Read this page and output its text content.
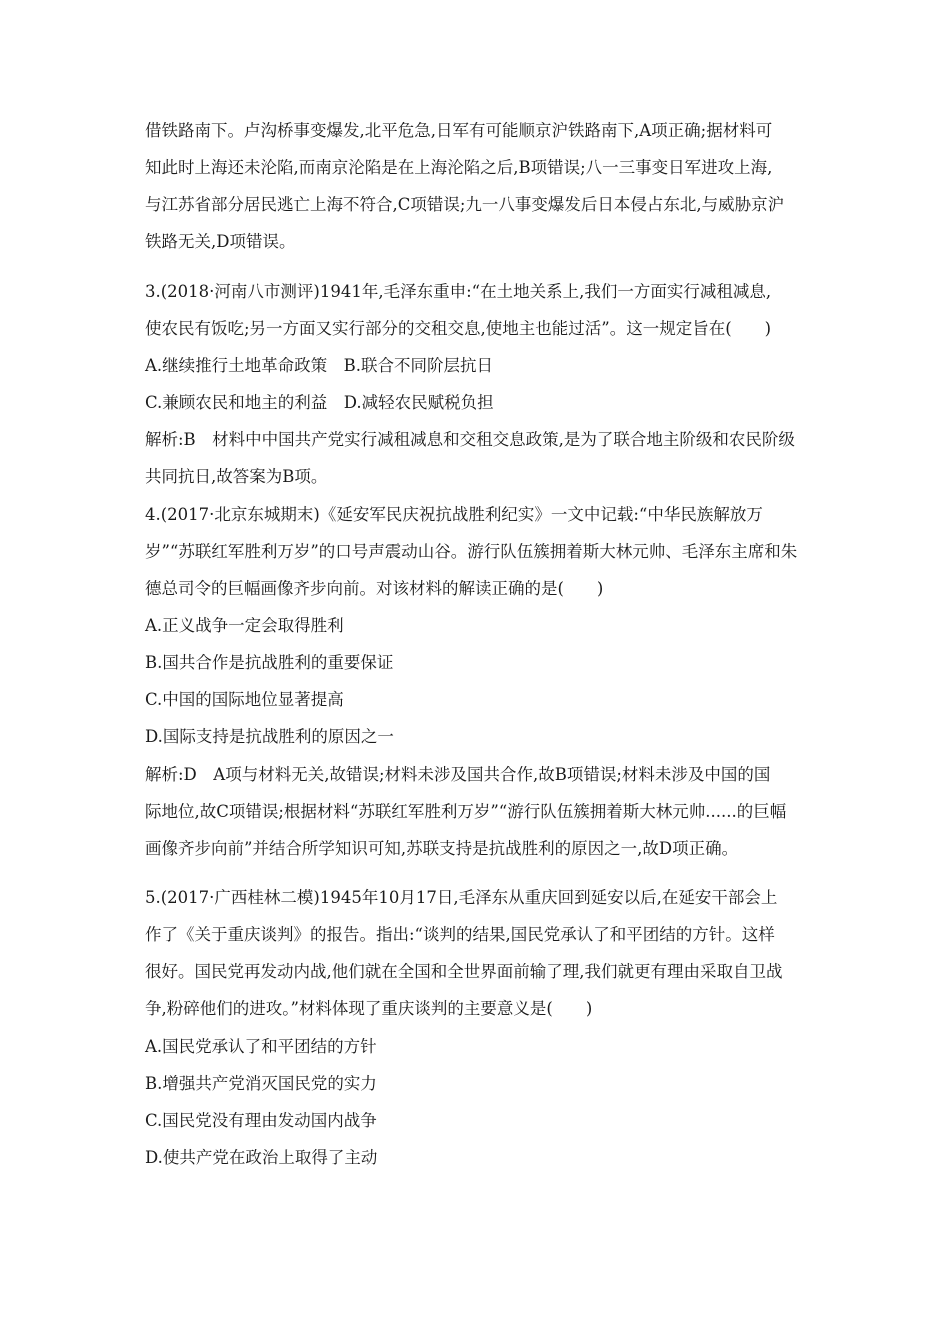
借铁路南下。卢沟桥事变爆发,北平危急,日军有可能顺京沪铁路南下,A项正确;据材料可
知此时上海还未沦陷,而南京沦陷是在上海沦陷之后,B项错误;八一三事变日军进攻上海,
与江苏省部分居民逃亡上海不符合,C项错误;九一八事变爆发后日本侵占东北,与威胁京沪
铁路无关,D项错误。
3.(2018·河南八市测评)1941年,毛泽东重申:“在土地关系上,我们一方面实行减租减息,
使农民有饭吃;另一方面又实行部分的交租交息,使地主也能过活”。这一规定旨在(　　)
A.继续推行土地革命政策　B.联合不同阶层抗日
C.兼顾农民和地主的利益　D.减轻农民赋税负担
解析:B　材料中中国共产党实行减租减息和交租交息政策,是为了联合地主阶级和农民阶级
共同抗日,故答案为B项。
4.(2017·北京东城期末)《延安军民庆祝抗战胜利纪实》一文中记载:“中华民族解放万
岁”“苏联红军胜利万岁”的口号声震动山谷。游行队伍簇拥着斯大林元帅、毛泽东主席和朱
德总司令的巨幅画像齐步向前。对该材料的解读正确的是(　　)
A.正义战争一定会取得胜利
B.国共合作是抗战胜利的重要保证
C.中国的国际地位显著提高
D.国际支持是抗战胜利的原因之一
解析:D　A项与材料无关,故错误;材料未涉及国共合作,故B项错误;材料未涉及中国的国
际地位,故C项错误;根据材料“苏联红军胜利万岁”“游行队伍簇拥着斯大林元帅......的巨幅
画像齐步向前”并结合所学知识可知,苏联支持是抗战胜利的原因之一,故D项正确。
5.(2017·广西桂林二模)1945年10月17日,毛泽东从重庆回到延安以后,在延安干部会上
作了《关于重庆谈判》的报告。指出:“谈判的结果,国民党承认了和平团结的方针。这样
很好。国民党再发动内战,他们就在全国和全世界面前输了理,我们就更有理由采取自卫战
争,粉碎他们的进攻。”材料体现了重庆谈判的主要意义是(　　)
A.国民党承认了和平团结的方针
B.增强共产党消灭国民党的实力
C.国民党没有理由发动国内战争
D.使共产党在政治上取得了主动
